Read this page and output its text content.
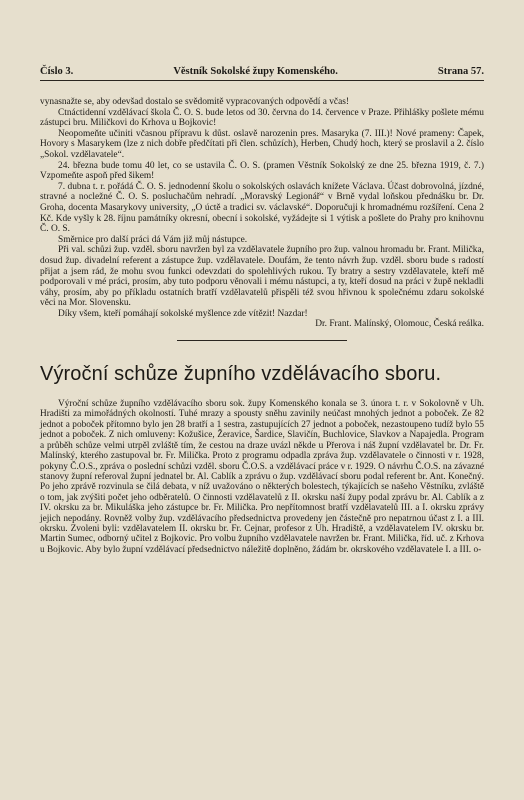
Číslo 3.	Věstník Sokolské župy Komenského.	Strana 57.

vynasnažte se, aby odevšad dostalo se svědomitě vypracovaných odpovědí a včas!

Ctnáctidenní vzdělávací škola Č. O. S. bude letos od 30. června do 14. července v Praze. Přihlášky pošlete mému zástupci bru. Miličkovi do Krhova u Bojkovic!

Neopomeňte učiniti včasnou přípravu k důst. oslavě narozenin pres. Masaryka (7. III.)! Nové prameny: Čapek, Hovory s Masarykem (lze z nich dobře předčítati při člen. schůzích), Herben, Chudý hoch, který se proslavil a 2. číslo „Sokol. vzdělavatele“.

24. března bude tomu 40 let, co se ustavila Č. O. S. (pramen Věstník Sokolský ze dne 25. března 1919, č. 7.) Vzpomeňte aspoň před šikem!

7. dubna t. r. pořádá Č. O. S. jednodenní školu o sokolských oslavách knížete Václava. Účast dobrovolná, jízdné, stravné a nocležné Č. O. S. posluchačům nehradí. „Moravský Legionář“ v Brně vydal loňskou přednášku br. Dr. Groha, docenta Masarykovy university, „O úctě a tradici sv. václavské“. Doporučuji k hromadnému rozšíření. Cena 2 Kč. Kde vyšly k 28. říjnu památníky okresní, obecní i sokolské, vyžádejte si 1 výtisk a pošlete do Prahy pro knihovnu Č. O. S.

Směrnice pro další práci dá Vám již můj nástupce.

Při val. schůzi žup. vzděl. sboru navržen byl za vzdělavatele župního pro žup. valnou hromadu br. Frant. Milička, dosud žup. divadelní referent a zástupce žup. vzdělavatele. Doufám, že tento návrh žup. vzděl. sboru bude s radostí přijat a jsem rád, že mohu svou funkci odevzdati do spolehlivých rukou. Ty bratry a sestry vzdělavatele, kteří mě podporovali v mé práci, prosím, aby tuto podporu věnovali i mému nástupci, a ty, kteří dosud na práci v župě nekladli váhy, prosím, aby po příkladu ostatních bratří vzdělavatelů přispěli též svou hřivnou k společnému zdaru sokolské věci na Mor. Slovensku.

Díky všem, kteří pomáhají sokolské myšlence zde vítězit! Nazdar!

Dr. Frant. Malínský, Olomouc, Česká reálka.

Výroční schůze župního vzdělávacího sboru.

Výroční schůze župního vzdělávacího sboru sok. župy Komenského konala se 3. února t. r. v Sokolovně v Uh. Hradišti za mimořádných okolností. Tuhé mrazy a spousty sněhu zavinily neúčast mnohých jednot a poboček. Ze 82 jednot a poboček přítomno bylo jen 28 bratří a 1 sestra, zastupujících 27 jednot a poboček, nezastoupeno tudíž bylo 55 jednot a poboček. Z nich omluveny: Kožušice, Žeravice, Šardice, Slavičín, Buchlovice, Slavkov a Napajedla. Program a průběh schůze velmi utrpěl zvláště tím, že cestou na draze uvázl někde u Přerova i náš župní vzdělavatel br. Dr. Fr. Malínský, kterého zastupoval br. Fr. Milička. Proto z programu odpadla zpráva žup. vzdělavatele o činnosti v r. 1928, pokyny Č.O.S., zpráva o poslední schůzi vzděl. sboru Č.O.S. a vzdělávací práce v r. 1929. O návrhu Č.O.S. na závazné stanovy župní referoval župní jednatel br. Al. Cablík a zprávu o žup. vzdělávací sboru podal referent br. Ant. Konečný. Po jeho zprávě rozvinula se čilá debata, v níž uvažováno o některých bolestech, týkajících se našeho Věstníku, zvláště o tom, jak zvýšiti počet jeho odběratelů. O činnosti vzdělavatelů z II. okrsku naší župy podal zprávu br. Al. Cablík a z IV. okrsku za br. Mikuláška jeho zástupce br. Fr. Milička. Pro nepřítomnost bratří vzdělavatelů III. a I. okrsku zprávy jejich nepodány. Rovněž volby žup. vzdělávacího předsednictva provedeny jen částečně pro nepatrnou účast z I. a III. okrsku. Zvoleni byli: vzdělavatelem II. okrsku br. Fr. Cejnar, profesor z Uh. Hradiště, a vzdělavatelem IV. okrsku br. Martin Sumec, odborný učitel z Bojkovic. Pro volbu župního vzdělavatele navržen br. Frant. Milička, říd. uč. z Krhova u Bojkovic. Aby bylo župní vzdělávací předsednictvo náležitě doplněno, žádám br. okrskového vzdělavatele I. a III. o-
